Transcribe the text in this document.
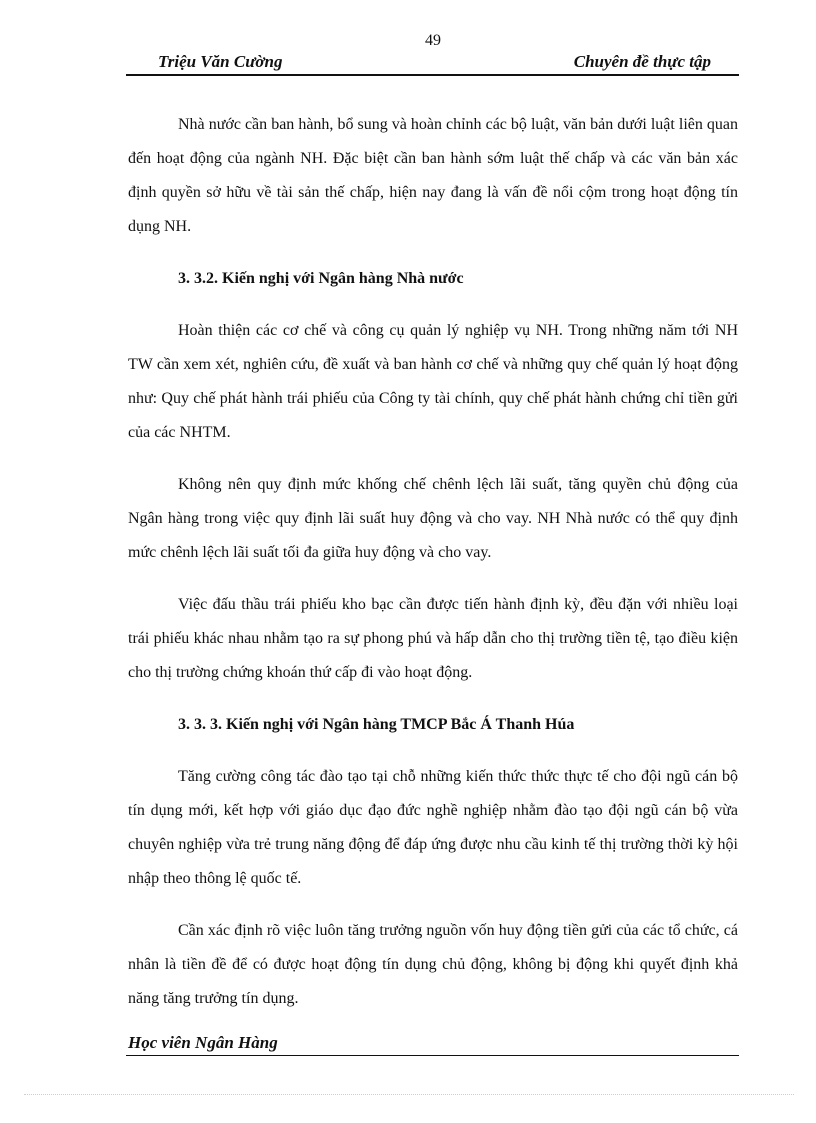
49
Triệu Văn Cường	Chuyên đề thực tập

Nhà nước cần ban hành, bổ sung và hoàn chỉnh các bộ luật, văn bản dưới luật liên quan đến hoạt động của ngành NH. Đặc biệt cần ban hành sớm luật thế chấp và các văn bản xác định quyền sở hữu về tài sản thế chấp, hiện nay đang là vấn đề nổi cộm trong hoạt động tín dụng NH.

3. 3.2. Kiến nghị với Ngân hàng Nhà nước

Hoàn thiện các cơ chế và công cụ quản lý nghiệp vụ NH. Trong những năm tới NH TW cần xem xét, nghiên cứu, đề xuất và ban hành cơ chế và những quy chế quản lý hoạt động như: Quy chế phát hành trái phiếu của Công ty tài chính, quy chế phát hành chứng chỉ tiền gửi của các NHTM.

Không nên quy định mức khống chế chênh lệch lãi suất, tăng quyền chủ động của Ngân hàng trong việc quy định lãi suất huy động và cho vay. NH Nhà nước có thể quy định mức chênh lệch lãi suất tối đa giữa huy động và cho vay.

Việc đấu thầu trái phiếu kho bạc cần được tiến hành định kỳ, đều đặn với nhiều loại trái phiếu khác nhau nhằm tạo ra sự phong phú và hấp dẫn cho thị trường tiền tệ, tạo điều kiện cho thị trường chứng khoán thứ cấp đi vào hoạt động.

3. 3. 3. Kiến nghị với Ngân hàng TMCP Bắc Á Thanh Húa

Tăng cường công tác đào tạo tại chỗ những kiến thức thức thực tế cho đội ngũ cán bộ tín dụng mới, kết hợp với giáo dục đạo đức nghề nghiệp nhằm đào tạo đội ngũ cán bộ vừa chuyên nghiệp vừa trẻ trung năng động để đáp ứng được nhu cầu kinh tế thị trường thời kỳ hội nhập theo thông lệ quốc tế.

Cần xác định rõ việc luôn tăng trưởng nguồn vốn huy động tiền gửi của các tổ chức, cá nhân là tiền đề để có được hoạt động tín dụng chủ động, không bị động khi quyết định khả năng tăng trưởng tín dụng.

Học viên Ngân Hàng
